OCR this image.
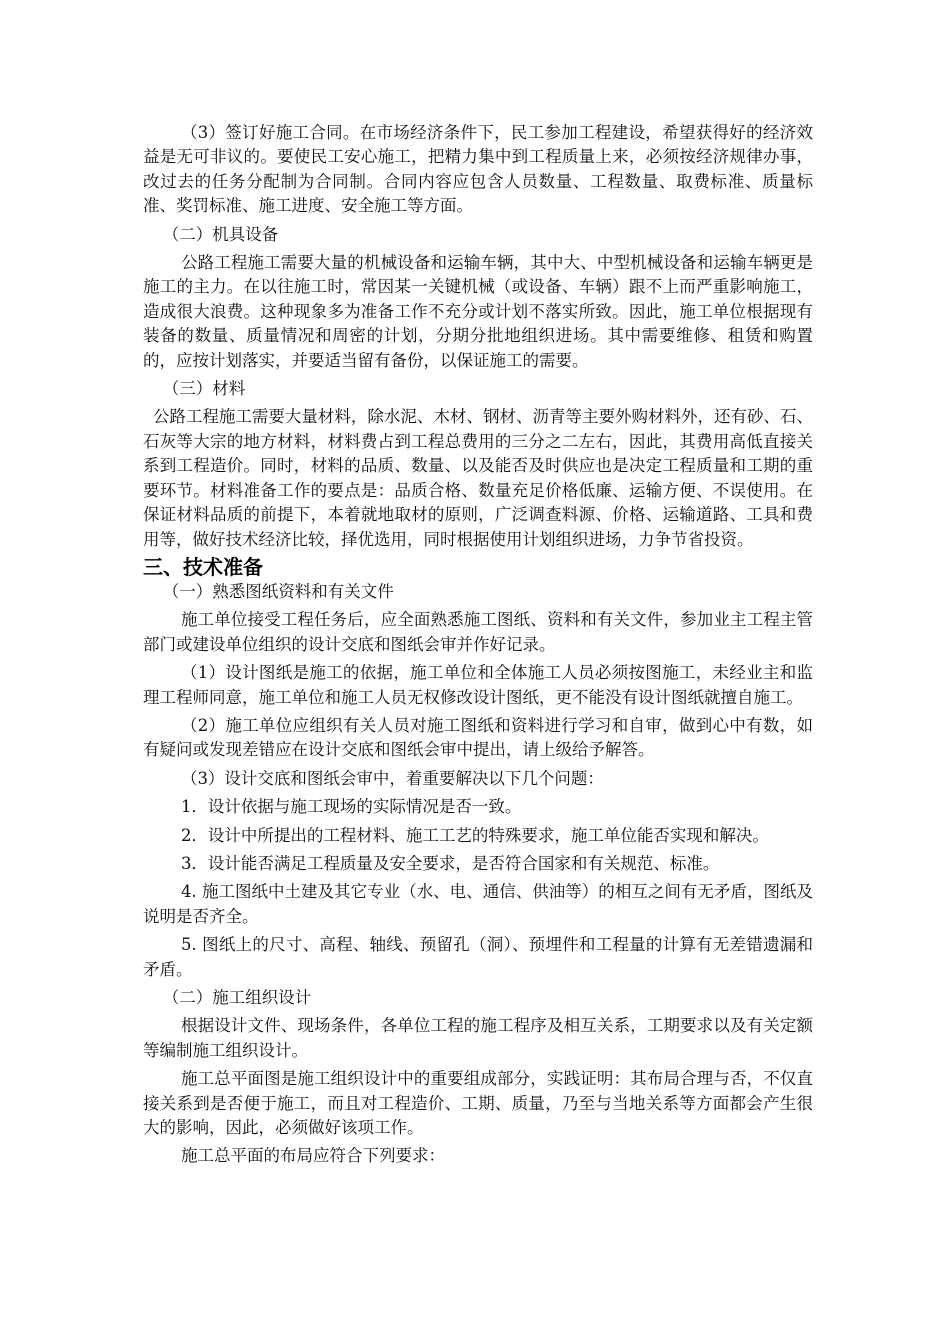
（3）签订好施工合同。在市场经济条件下，民工参加工程建设，希望获得好的经济效益是无可非议的。要使民工安心施工，把精力集中到工程质量上来，必须按经济规律办事，改过去的任务分配制为合同制。合同内容应包含人员数量、工程数量、取费标准、质量标准、奖罚标准、施工进度、安全施工等方面。

（二）机具设备

公路工程施工需要大量的机械设备和运输车辆，其中大、中型机械设备和运输车辆更是施工的主力。在以往施工时，常因某一关键机械（或设备、车辆）跟不上而严重影响施工，造成很大浪费。这种现象多为准备工作不充分或计划不落实所致。因此，施工单位根据现有装备的数量、质量情况和周密的计划，分期分批地组织进场。其中需要维修、租赁和购置的，应按计划落实，并要适当留有备份，以保证施工的需要。

（三）材料

公路工程施工需要大量材料，除水泥、木材、钢材、沥青等主要外购材料外，还有砂、石、石灰等大宗的地方材料，材料费占到工程总费用的三分之二左右，因此，其费用高低直接关系到工程造价。同时，材料的品质、数量、以及能否及时供应也是决定工程质量和工期的重要环节。材料准备工作的要点是：品质合格、数量充足价格低廉、运输方便、不误使用。在保证材料品质的前提下，本着就地取材的原则，广泛调查料源、价格、运输道路、工具和费用等，做好技术经济比较，择优选用，同时根据使用计划组织进场，力争节省投资。

三、技术准备

（一）熟悉图纸资料和有关文件

施工单位接受工程任务后，应全面熟悉施工图纸、资料和有关文件，参加业主工程主管部门或建设单位组织的设计交底和图纸会审并作好记录。

（1）设计图纸是施工的依据，施工单位和全体施工人员必须按图施工，未经业主和监理工程师同意，施工单位和施工人员无权修改设计图纸，更不能没有设计图纸就擅自施工。

（2）施工单位应组织有关人员对施工图纸和资料进行学习和自审，做到心中有数，如有疑问或发现差错应在设计交底和图纸会审中提出，请上级给予解答。

（3）设计交底和图纸会审中，着重要解决以下几个问题：

1．设计依据与施工现场的实际情况是否一致。

2．设计中所提出的工程材料、施工工艺的特殊要求，施工单位能否实现和解决。

3．设计能否满足工程质量及安全要求，是否符合国家和有关规范、标准。

4. 施工图纸中土建及其它专业（水、电、通信、供油等）的相互之间有无矛盾，图纸及说明是否齐全。

5. 图纸上的尺寸、高程、轴线、预留孔（洞）、预埋件和工程量的计算有无差错遗漏和矛盾。

（二）施工组织设计

根据设计文件、现场条件，各单位工程的施工程序及相互关系，工期要求以及有关定额等编制施工组织设计。

施工总平面图是施工组织设计中的重要组成部分，实践证明：其布局合理与否，不仅直接关系到是否便于施工，而且对工程造价、工期、质量，乃至与当地关系等方面都会产生很大的影响，因此，必须做好该项工作。

施工总平面的布局应符合下列要求：
